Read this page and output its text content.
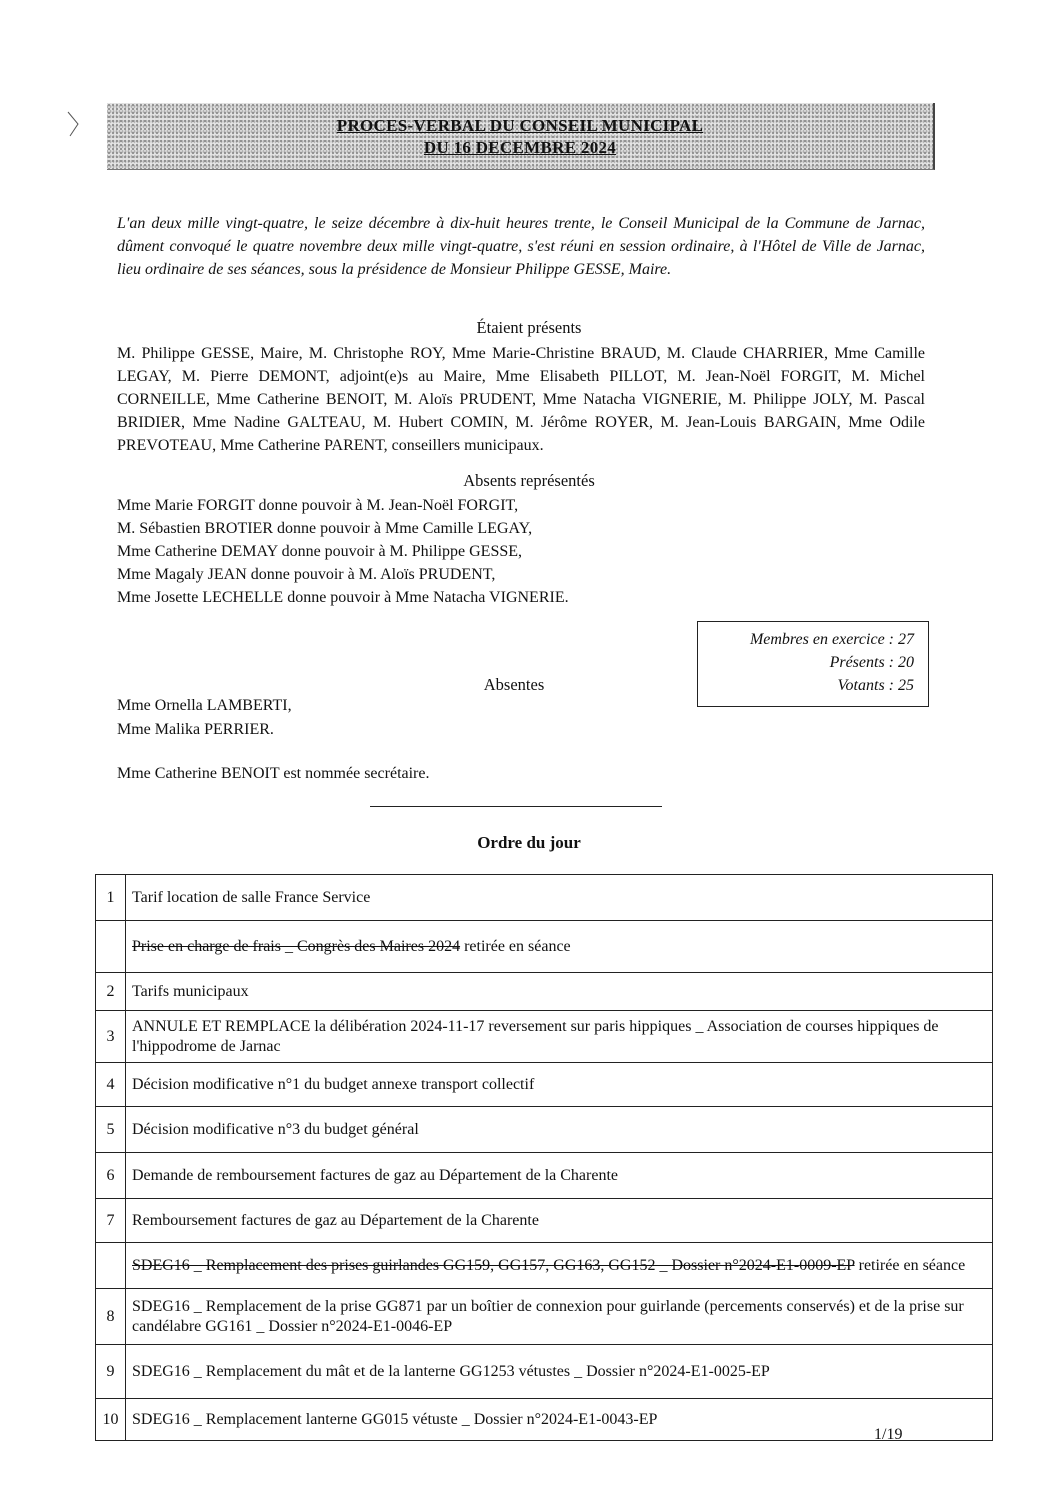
PROCES-VERBAL DU CONSEIL MUNICIPAL
DU 16 DECEMBRE 2024

L'an deux mille vingt-quatre, le seize décembre à dix-huit heures trente, le Conseil Municipal de la Commune de Jarnac, dûment convoqué le quatre novembre deux mille vingt-quatre, s'est réuni en session ordinaire, à l'Hôtel de Ville de Jarnac, lieu ordinaire de ses séances, sous la présidence de Monsieur Philippe GESSE, Maire.

Étaient présents

M. Philippe GESSE, Maire, M. Christophe ROY, Mme Marie-Christine BRAUD, M. Claude CHARRIER, Mme Camille LEGAY, M. Pierre DEMONT, adjoint(e)s au Maire, Mme Elisabeth PILLOT, M. Jean-Noël FORGIT, M. Michel CORNEILLE, Mme Catherine BENOIT, M. Aloïs PRUDENT, Mme Natacha VIGNERIE, M. Philippe JOLY, M. Pascal BRIDIER, Mme Nadine GALTEAU, M. Hubert COMIN, M. Jérôme ROYER, M. Jean-Louis BARGAIN, Mme Odile PREVOTEAU, Mme Catherine PARENT, conseillers municipaux.

Absents représentés

Mme Marie FORGIT donne pouvoir à M. Jean-Noël FORGIT,
M. Sébastien BROTIER donne pouvoir à Mme Camille LEGAY,
Mme Catherine DEMAY donne pouvoir à M. Philippe GESSE,
Mme Magaly JEAN donne pouvoir à M. Aloïs PRUDENT,
Mme Josette LECHELLE donne pouvoir à Mme Natacha VIGNERIE.
Membres en exercice : 27
Présents : 20
Votants : 25

Absentes

Mme Ornella LAMBERTI,
Mme Malika PERRIER.

Mme Catherine BENOIT est nommée secrétaire.

Ordre du jour

1	Tarif location de salle France Service
	Prise en charge de frais _ Congrès des Maires 2024 retirée en séance
2	Tarifs municipaux
3	ANNULE ET REMPLACE la délibération 2024-11-17 reversement sur paris hippiques _ Association de courses hippiques de l'hippodrome de Jarnac
4	Décision modificative n°1 du budget annexe transport collectif
5	Décision modificative n°3 du budget général
6	Demande de remboursement factures de gaz au Département de la Charente
7	Remboursement factures de gaz au Département de la Charente
	SDEG16 _ Remplacement des prises guirlandes GG159, GG157, GG163, GG152 _ Dossier n°2024-E1-0009-EP retirée en séance
8	SDEG16 _ Remplacement de la prise GG871 par un boîtier de connexion pour guirlande (percements conservés) et de la prise sur candélabre GG161 _ Dossier n°2024-E1-0046-EP
9	SDEG16 _ Remplacement du mât et de la lanterne GG1253 vétustes _ Dossier n°2024-E1-0025-EP
10	SDEG16 _ Remplacement lanterne GG015 vétuste _ Dossier n°2024-E1-0043-EP

1/19
